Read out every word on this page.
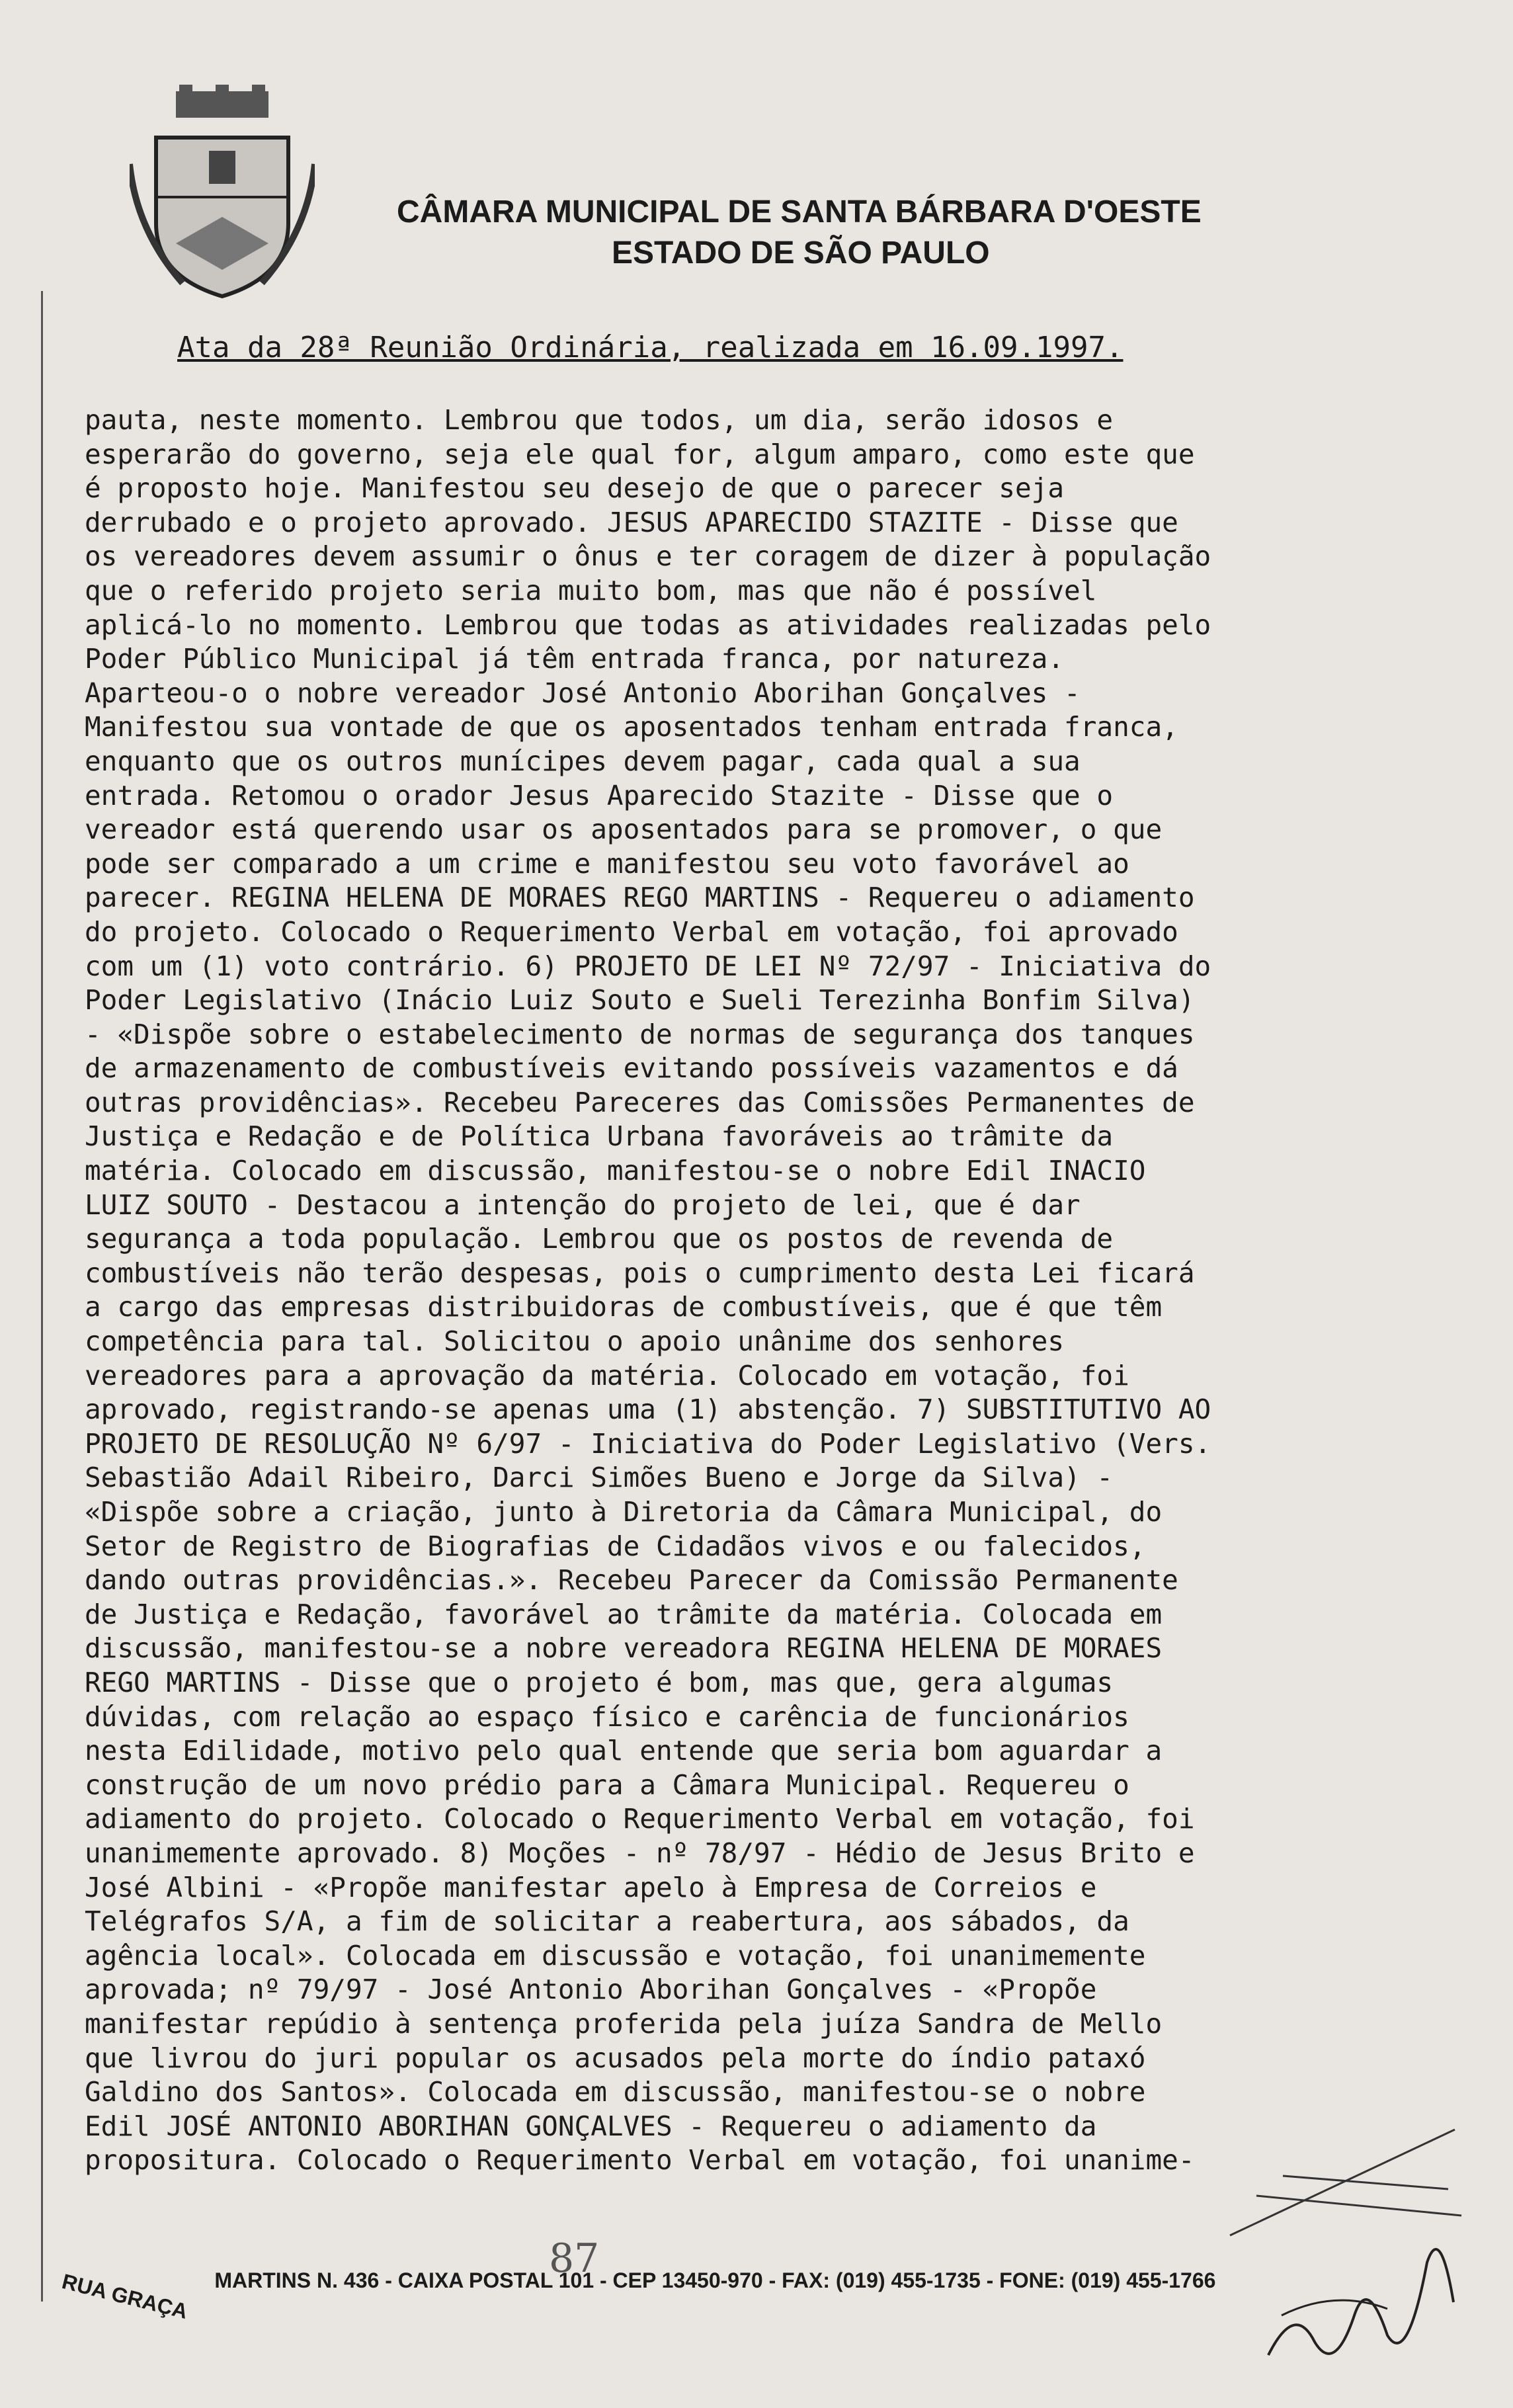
CÂMARA MUNICIPAL DE SANTA BÁRBARA D'OESTE
ESTADO DE SÃO PAULO
Ata da 28ª Reunião Ordinária, realizada em 16.09.1997.
pauta, neste momento. Lembrou que todos, um dia, serão idosos e
esperarão do governo, seja ele qual for, algum amparo, como este que
é proposto hoje. Manifestou seu desejo de que o parecer seja
derrubado e o projeto aprovado. JESUS APARECIDO STAZITE - Disse que
os vereadores devem assumir o ônus e ter coragem de dizer à população
que o referido projeto seria muito bom, mas que não é possível
aplicá-lo no momento. Lembrou que todas as atividades realizadas pelo
Poder Público Municipal já têm entrada franca, por natureza.
Aparteou-o o nobre vereador José Antonio Aborihan Gonçalves -
Manifestou sua vontade de que os aposentados tenham entrada franca,
enquanto que os outros munícipes devem pagar, cada qual a sua
entrada. Retomou o orador Jesus Aparecido Stazite - Disse que o
vereador está querendo usar os aposentados para se promover, o que
pode ser comparado a um crime e manifestou seu voto favorável ao
parecer. REGINA HELENA DE MORAES REGO MARTINS - Requereu o adiamento
do projeto. Colocado o Requerimento Verbal em votação, foi aprovado
com um (1) voto contrário. 6) PROJETO DE LEI Nº 72/97 - Iniciativa do
Poder Legislativo (Inácio Luiz Souto e Sueli Terezinha Bonfim Silva)
- «Dispõe sobre o estabelecimento de normas de segurança dos tanques
de armazenamento de combustíveis evitando possíveis vazamentos e dá
outras providências». Recebeu Pareceres das Comissões Permanentes de
Justiça e Redação e de Política Urbana favoráveis ao trâmite da
matéria. Colocado em discussão, manifestou-se o nobre Edil INACIO
LUIZ SOUTO - Destacou a intenção do projeto de lei, que é dar
segurança a toda população. Lembrou que os postos de revenda de
combustíveis não terão despesas, pois o cumprimento desta Lei ficará
a cargo das empresas distribuidoras de combustíveis, que é que têm
competência para tal. Solicitou o apoio unânime dos senhores
vereadores para a aprovação da matéria. Colocado em votação, foi
aprovado, registrando-se apenas uma (1) abstenção. 7) SUBSTITUTIVO AO
PROJETO DE RESOLUÇÃO Nº 6/97 - Iniciativa do Poder Legislativo (Vers.
Sebastião Adail Ribeiro, Darci Simões Bueno e Jorge da Silva) -
«Dispõe sobre a criação, junto à Diretoria da Câmara Municipal, do
Setor de Registro de Biografias de Cidadãos vivos e ou falecidos,
dando outras providências.». Recebeu Parecer da Comissão Permanente
de Justiça e Redação, favorável ao trâmite da matéria. Colocada em
discussão, manifestou-se a nobre vereadora REGINA HELENA DE MORAES
REGO MARTINS - Disse que o projeto é bom, mas que, gera algumas
dúvidas, com relação ao espaço físico e carência de funcionários
nesta Edilidade, motivo pelo qual entende que seria bom aguardar a
construção de um novo prédio para a Câmara Municipal. Requereu o
adiamento do projeto. Colocado o Requerimento Verbal em votação, foi
unanimemente aprovado. 8) Moções - nº 78/97 - Hédio de Jesus Brito e
José Albini - «Propõe manifestar apelo à Empresa de Correios e
Telégrafos S/A, a fim de solicitar a reabertura, aos sábados, da
agência local». Colocada em discussão e votação, foi unanimemente
aprovada; nº 79/97 - José Antonio Aborihan Gonçalves - «Propõe
manifestar repúdio à sentença proferida pela juíza Sandra de Mello
que livrou do juri popular os acusados pela morte do índio pataxó
Galdino dos Santos». Colocada em discussão, manifestou-se o nobre
Edil JOSÉ ANTONIO ABORIHAN GONÇALVES - Requereu o adiamento da
propositura. Colocado o Requerimento Verbal em votação, foi unanime-
87
RUA GRAÇA MARTINS N. 436 - CAIXA POSTAL 101 - CEP 13450-970 - FAX: (019) 455-1735 - FONE: (019) 455-1766
